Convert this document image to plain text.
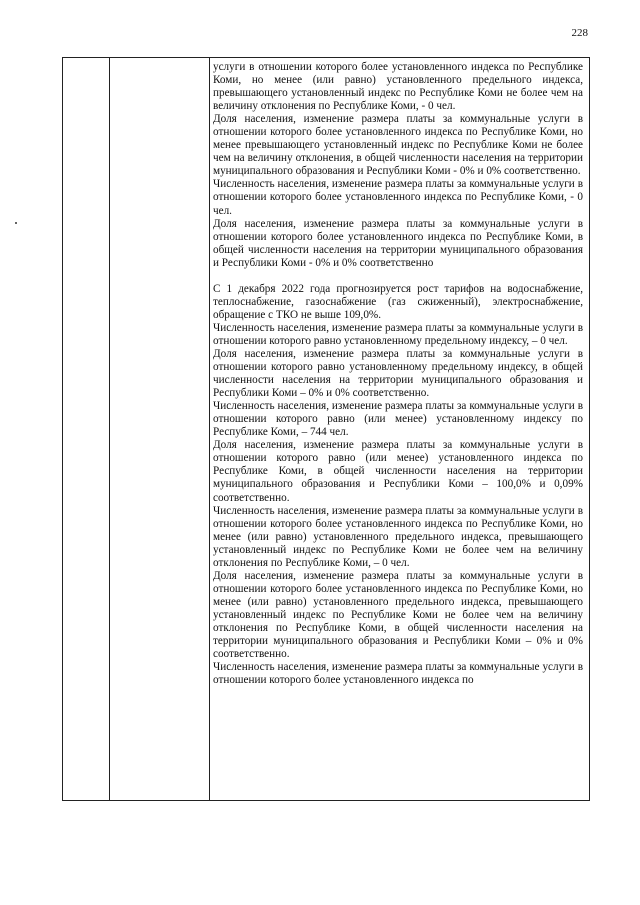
228

услуги в отношении которого более установленного индекса по Республике Коми, но менее (или равно) установленного предельного индекса, превышающего установленный индекс по Республике Коми не более чем на величину отклонения по Республике Коми, - 0 чел.

Доля населения, изменение размера платы за коммунальные услуги в отношении которого более установленного индекса по Республике Коми, но менее превышающего установленный индекс по Республике Коми не более чем на величину отклонения, в общей численности населения на территории муниципального образования и Республики Коми - 0% и 0% соответственно.

Численность населения, изменение размера платы за коммунальные услуги в отношении которого более установленного индекса по Республике Коми, - 0 чел.

Доля населения, изменение размера платы за коммунальные услуги в отношении которого более установленного индекса по Республике Коми, в общей численности населения на территории муниципального образования и Республики Коми - 0% и 0% соответственно

С 1 декабря 2022 года прогнозируется рост тарифов на водоснабжение, теплоснабжение, газоснабжение (газ сжиженный), электроснабжение, обращение с ТКО не выше 109,0%.

Численность населения, изменение размера платы за коммунальные услуги в отношении которого равно установленному предельному индексу, – 0 чел.

Доля населения, изменение размера платы за коммунальные услуги в отношении которого равно установленному предельному индексу, в общей численности населения на территории муниципального образования и Республики Коми – 0% и 0% соответственно.

Численность населения, изменение размера платы за коммунальные услуги в отношении которого равно (или менее) установленному индексу по Республике Коми, – 744 чел.

Доля населения, изменение размера платы за коммунальные услуги в отношении которого равно (или менее) установленного индекса по Республике Коми, в общей численности населения на территории муниципального образования и Республики Коми – 100,0% и 0,09% соответственно.

Численность населения, изменение размера платы за коммунальные услуги в отношении которого более установленного индекса по Республике Коми, но менее (или равно) установленного предельного индекса, превышающего установленный индекс по Республике Коми не более чем на величину отклонения по Республике Коми, – 0 чел.

Доля населения, изменение размера платы за коммунальные услуги в отношении которого более установленного индекса по Республике Коми, но менее (или равно) установленного предельного индекса, превышающего установленный индекс по Республике Коми не более чем на величину отклонения по Республике Коми, в общей численности населения на территории муниципального образования и Республики Коми – 0% и 0% соответственно.

Численность населения, изменение размера платы за коммунальные услуги в отношении которого более установленного индекса по
